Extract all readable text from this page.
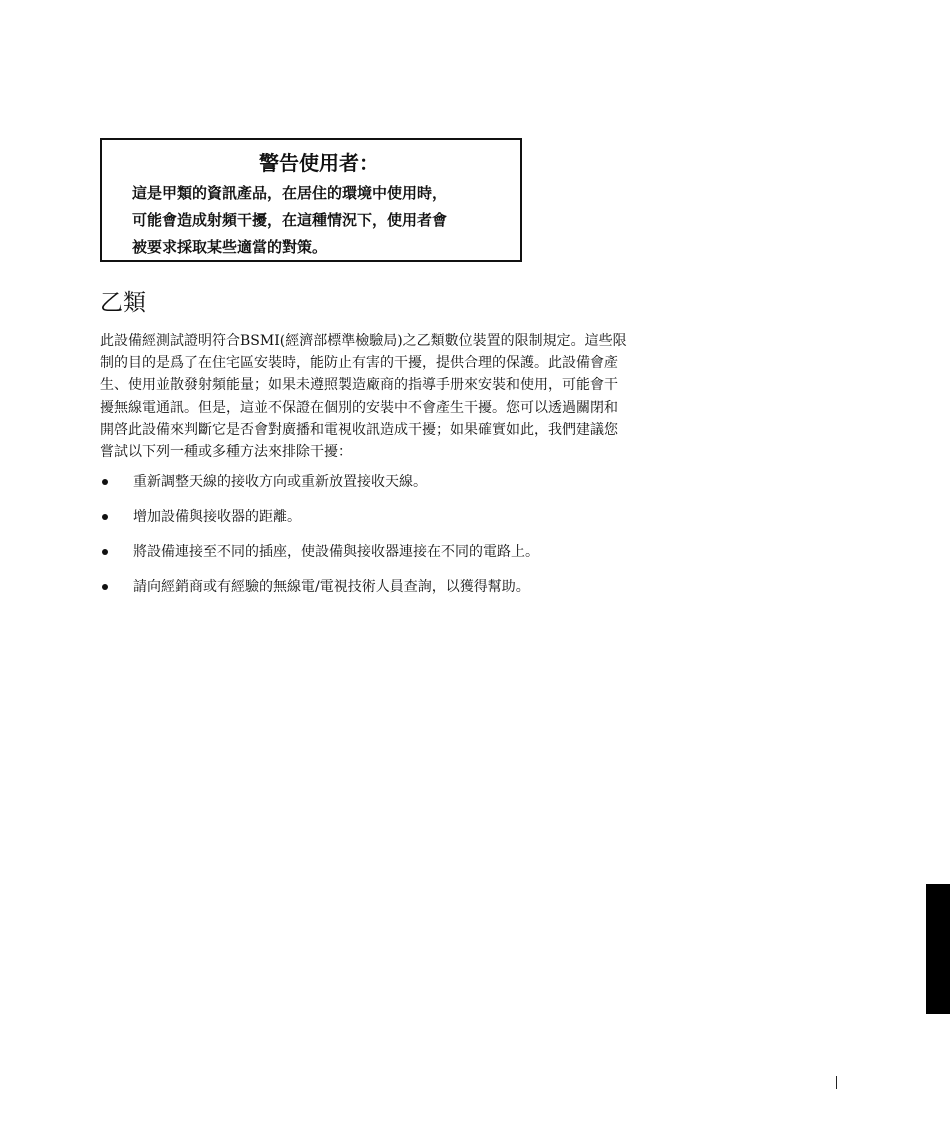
警告使用者：
這是甲類的資訊產品，在居住的環境中使用時，
可能會造成射頻干擾，在這種情況下，使用者會
被要求採取某些適當的對策。
乙類
此設備經測試證明符合BSMI(經濟部標準檢驗局)之乙類數位裝置的限制規定。這些限
制的目的是爲了在住宅區安裝時，能防止有害的干擾，提供合理的保護。此設備會產
生、使用並散發射頻能量；如果未遵照製造廠商的指導手册來安裝和使用，可能會干
擾無線電通訊。但是，這並不保證在個別的安裝中不會產生干擾。您可以透過關閉和
開啓此設備來判斷它是否會對廣播和電視收訊造成干擾；如果確實如此，我們建議您
嘗試以下列一種或多種方法來排除干擾：
重新調整天線的接收方向或重新放置接收天線。
增加設備與接收器的距離。
將設備連接至不同的插座，使設備與接收器連接在不同的電路上。
請向經銷商或有經驗的無線電/電視技術人員查詢，以獲得幫助。
